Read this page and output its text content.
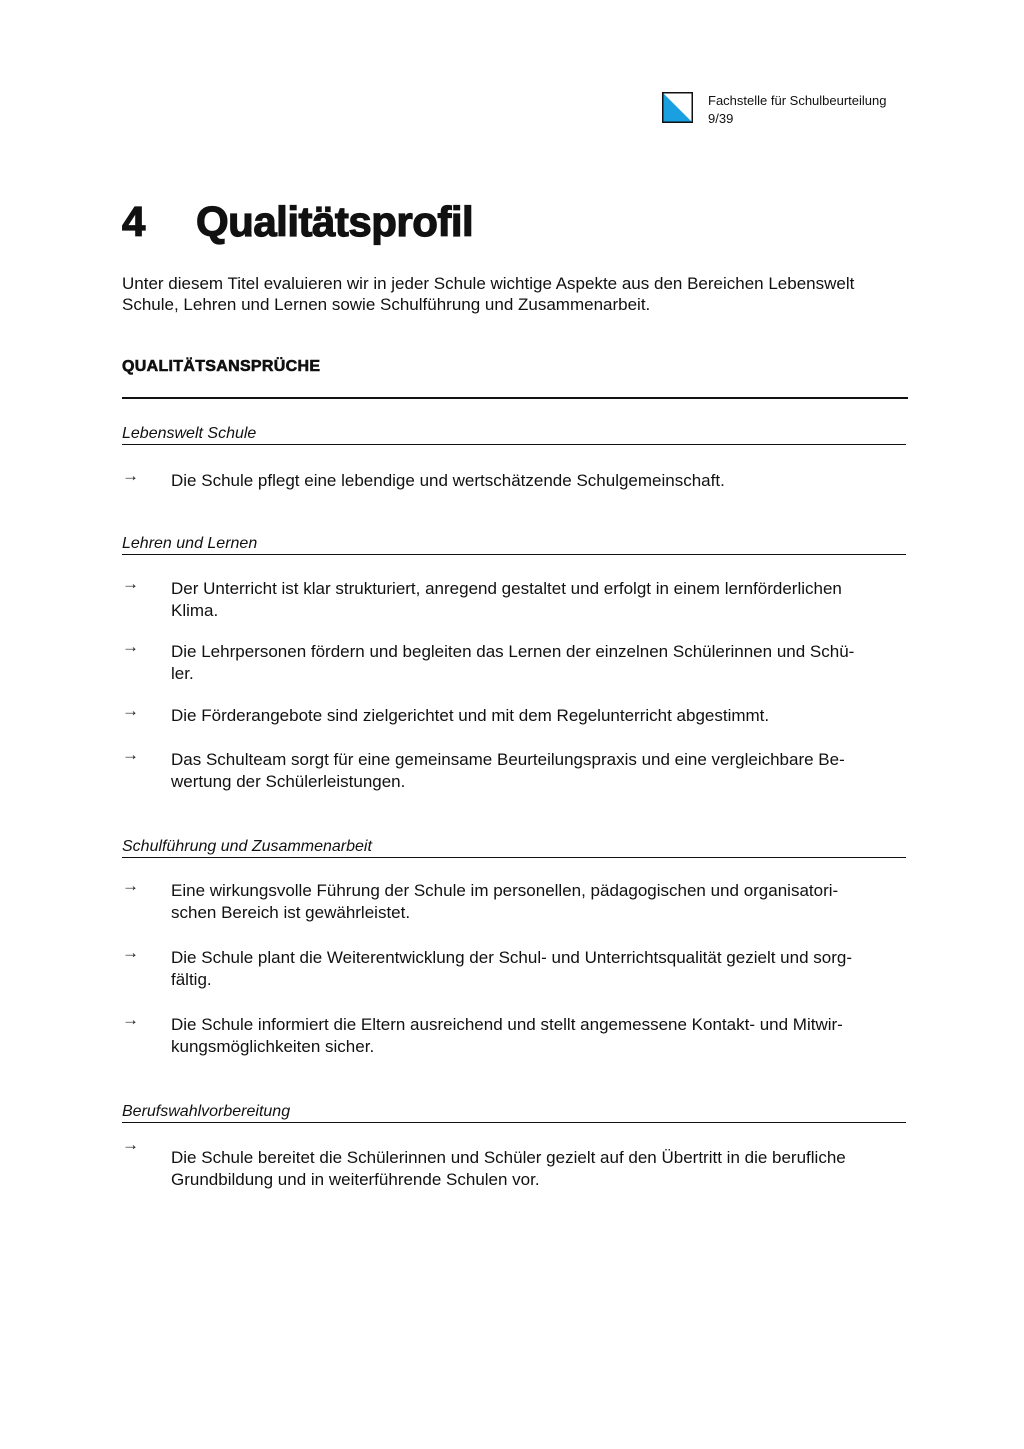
Fachstelle für Schulbeurteilung
9/39
4 Qualitätsprofil
Unter diesem Titel evaluieren wir in jeder Schule wichtige Aspekte aus den Bereichen Lebenswelt Schule, Lehren und Lernen sowie Schulführung und Zusammenarbeit.
QUALITÄTSANSPRÜCHE
Lebenswelt Schule
→ Die Schule pflegt eine lebendige und wertschätzende Schulgemeinschaft.
Lehren und Lernen
→ Der Unterricht ist klar strukturiert, anregend gestaltet und erfolgt in einem lernförderlichen
Klima.
→ Die Lehrpersonen fördern und begleiten das Lernen der einzelnen Schülerinnen und Schü-
ler.
→ Die Förderangebote sind zielgerichtet und mit dem Regelunterricht abgestimmt.
→ Das Schulteam sorgt für eine gemeinsame Beurteilungspraxis und eine vergleichbare Be-
wertung der Schülerleistungen.
Schulführung und Zusammenarbeit
→ Eine wirkungsvolle Führung der Schule im personellen, pädagogischen und organisatori-
schen Bereich ist gewährleistet.
→ Die Schule plant die Weiterentwicklung der Schul- und Unterrichtsqualität gezielt und sorg-
fältig.
→ Die Schule informiert die Eltern ausreichend und stellt angemessene Kontakt- und Mitwir-
kungsmöglichkeiten sicher.
Berufswahlvorbereitung
→
Die Schule bereitet die Schülerinnen und Schüler gezielt auf den Übertritt in die berufliche
Grundbildung und in weiterführende Schulen vor.
